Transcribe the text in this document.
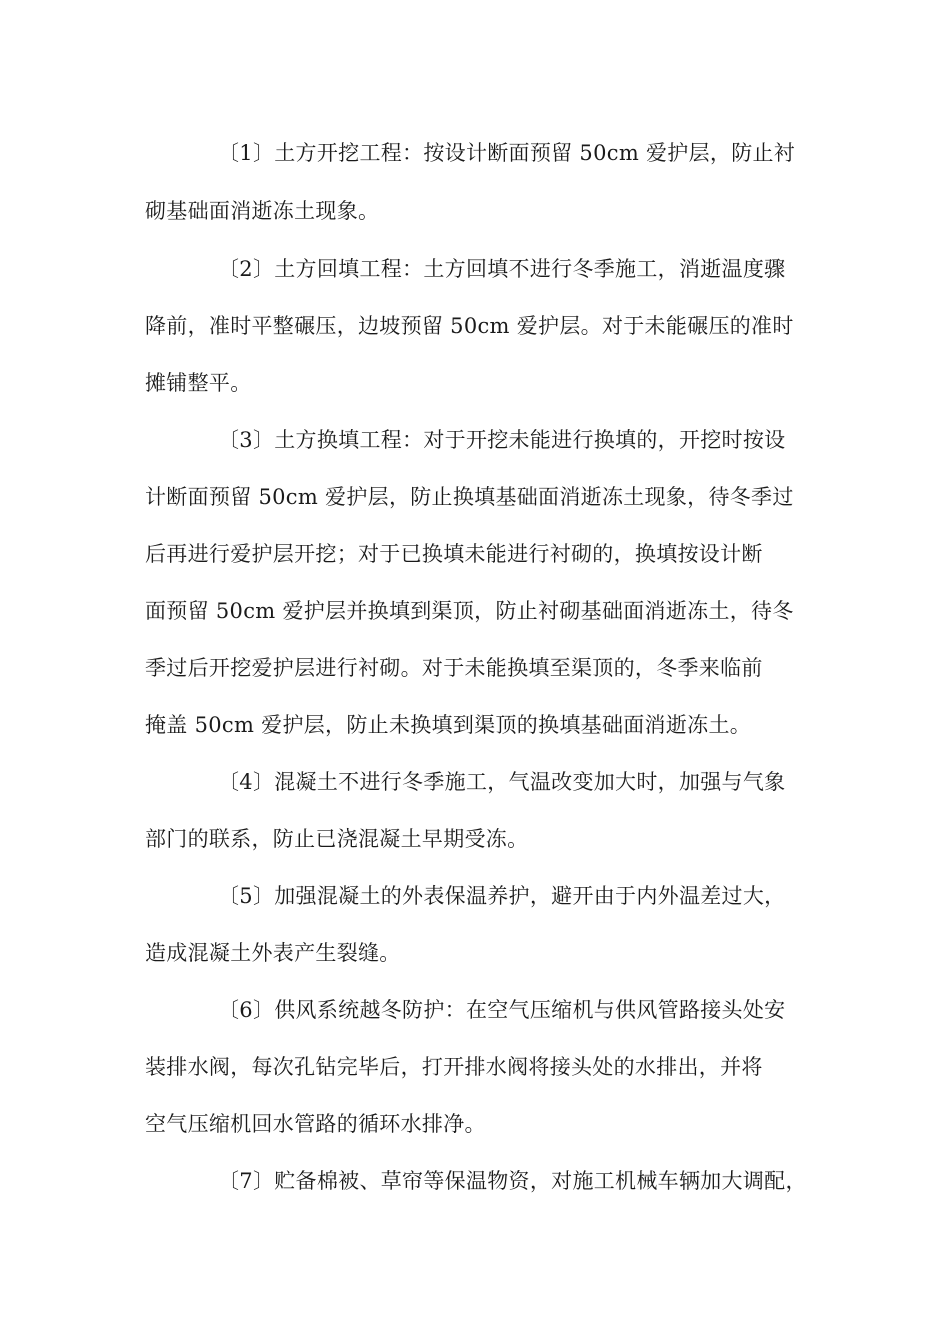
〔1〕土方开挖工程：按设计断面预留 50cm 爱护层，防止衬
砌基础面消逝冻土现象。
〔2〕土方回填工程：土方回填不进行冬季施工，消逝温度骤
降前，准时平整碾压，边坡预留 50cm 爱护层。对于未能碾压的准时
摊铺整平。
〔3〕土方换填工程：对于开挖未能进行换填的，开挖时按设
计断面预留 50cm 爱护层，防止换填基础面消逝冻土现象，待冬季过
后再进行爱护层开挖；对于已换填未能进行衬砌的，换填按设计断
面预留 50cm 爱护层并换填到渠顶，防止衬砌基础面消逝冻土，待冬
季过后开挖爱护层进行衬砌。对于未能换填至渠顶的，冬季来临前
掩盖 50cm 爱护层，防止未换填到渠顶的换填基础面消逝冻土。
〔4〕混凝土不进行冬季施工，气温改变加大时，加强与气象
部门的联系，防止已浇混凝土早期受冻。
〔5〕加强混凝土的外表保温养护，避开由于内外温差过大，
造成混凝土外表产生裂缝。
〔6〕供风系统越冬防护：在空气压缩机与供风管路接头处安
装排水阀，每次孔钻完毕后，打开排水阀将接头处的水排出，并将
空气压缩机回水管路的循环水排净。
〔7〕贮备棉被、草帘等保温物资，对施工机械车辆加大调配，
